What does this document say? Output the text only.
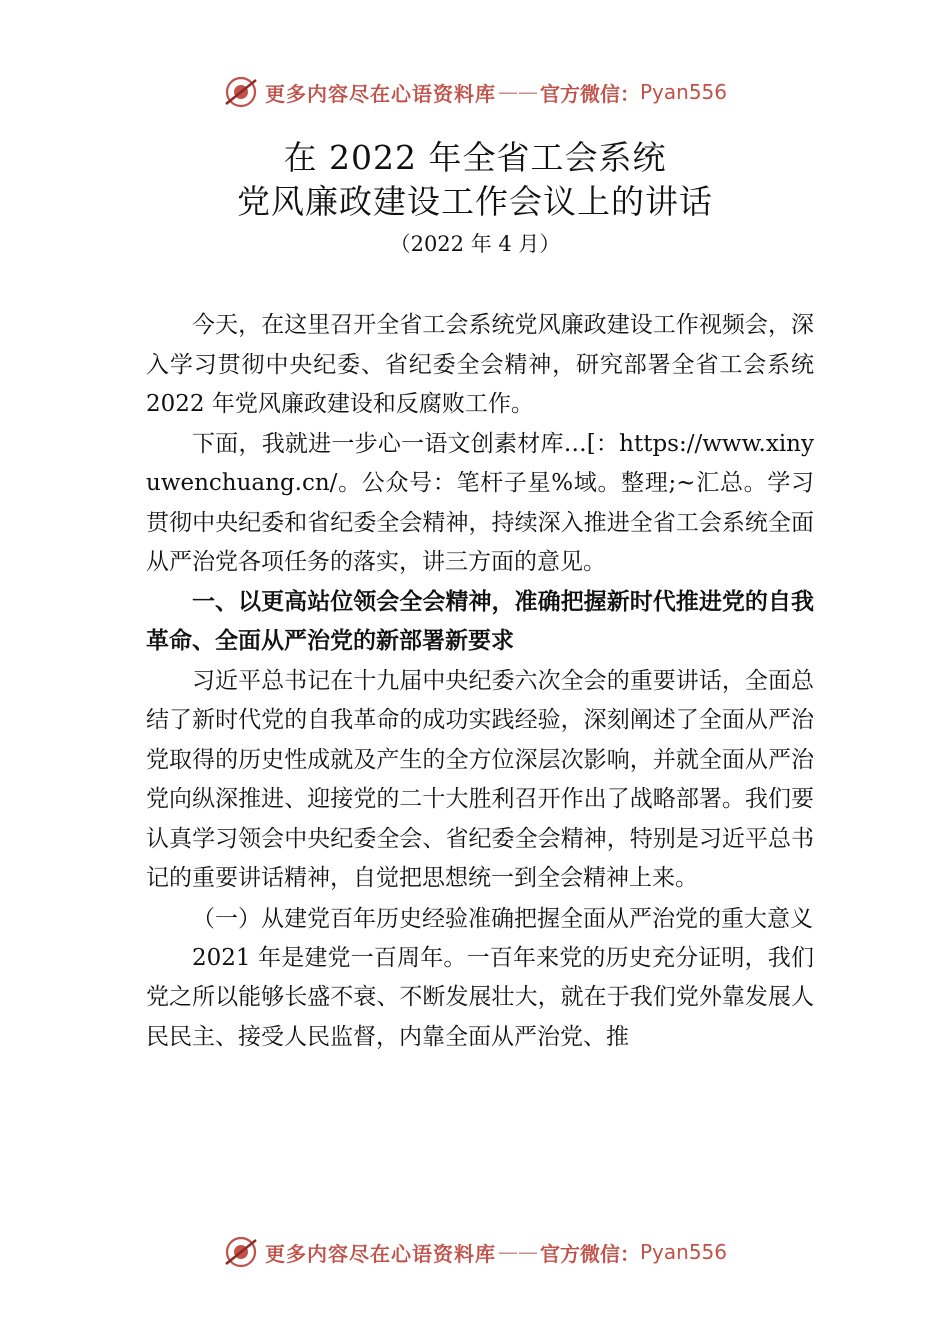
更多内容尽在心语资料库 —— 官方微信： Pyan556
在 2022 年全省工会系统
党风廉政建设工作会议上的讲话
（2022 年 4 月）

今天，在这里召开全省工会系统党风廉政建设工作视频会，深入学习贯彻中央纪委、省纪委全会精神，研究部署全省工会系统 2022 年党风廉政建设和反腐败工作。

下面，我就进一步心一语文创素材库…[：https://www.xinyuwenchuang.cn/。公众号：笔杆子星%域。整理;~汇总。学习贯彻中央纪委和省纪委全会精神，持续深入推进全省工会系统全面从严治党各项任务的落实，讲三方面的意见。

一、以更高站位领会全会精神，准确把握新时代推进党的自我革命、全面从严治党的新部署新要求

习近平总书记在十九届中央纪委六次全会的重要讲话，全面总结了新时代党的自我革命的成功实践经验，深刻阐述了全面从严治党取得的历史性成就及产生的全方位深层次影响，并就全面从严治党向纵深推进、迎接党的二十大胜利召开作出了战略部署。我们要认真学习领会中央纪委全会、省纪委全会精神，特别是习近平总书记的重要讲话精神，自觉把思想统一到全会精神上来。

（一）从建党百年历史经验准确把握全面从严治党的重大意义

2021 年是建党一百周年。一百年来党的历史充分证明，我们党之所以能够长盛不衰、不断发展壮大，就在于我们党外靠发展人民民主、接受人民监督，内靠全面从严治党、推

更多内容尽在心语资料库 —— 官方微信： Pyan556
